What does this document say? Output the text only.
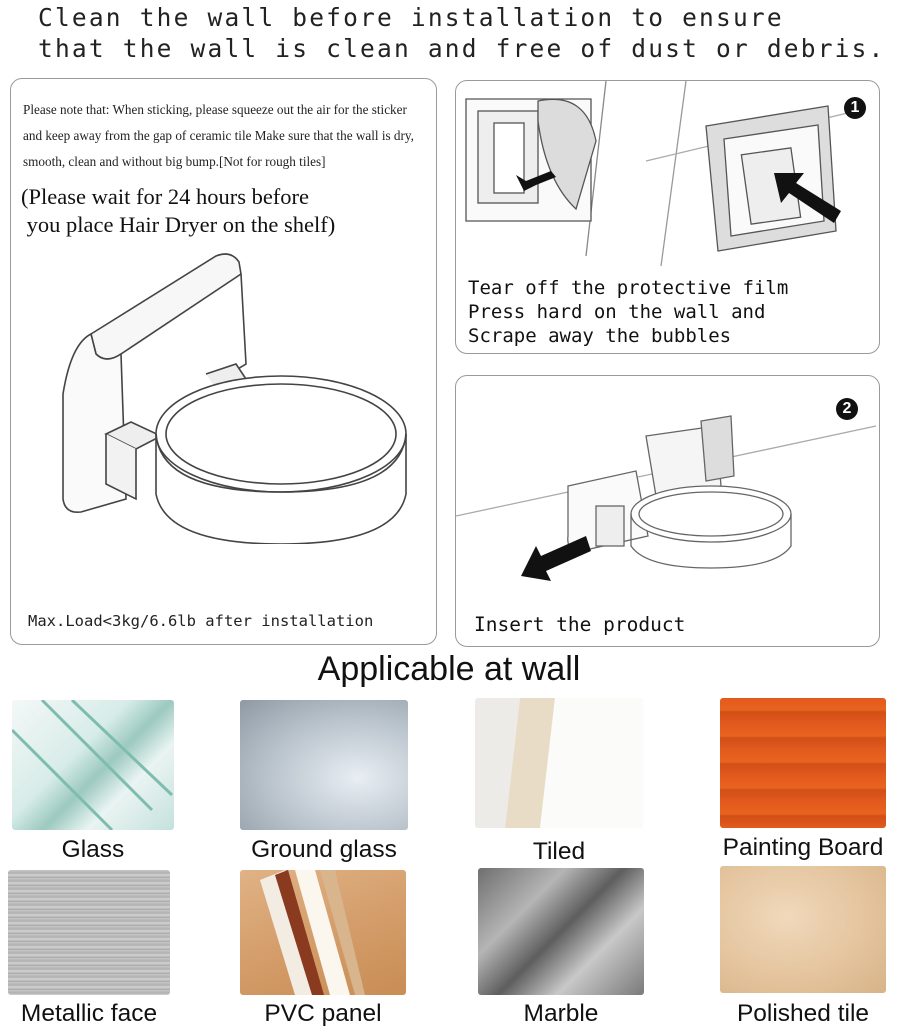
Clean the wall before installation to ensure
that the wall is clean and free of dust or debris.
Please note that: When sticking, please squeeze out the air for the sticker
and keep away from the gap of ceramic tile Make sure that the wall is dry,
smooth, clean and without big bump.[Not for rough tiles]
(Please wait for 24 hours before
you place Hair Dryer on the shelf)
Max.Load<3kg/6.6lb after installation
1
Tear off the protective film
Press hard on the wall and
Scrape away the bubbles
2
Insert the product
Applicable at wall
Glass	Ground glass	Tiled	Painting Board
Metallic face	PVC panel	Marble	Polished tile
